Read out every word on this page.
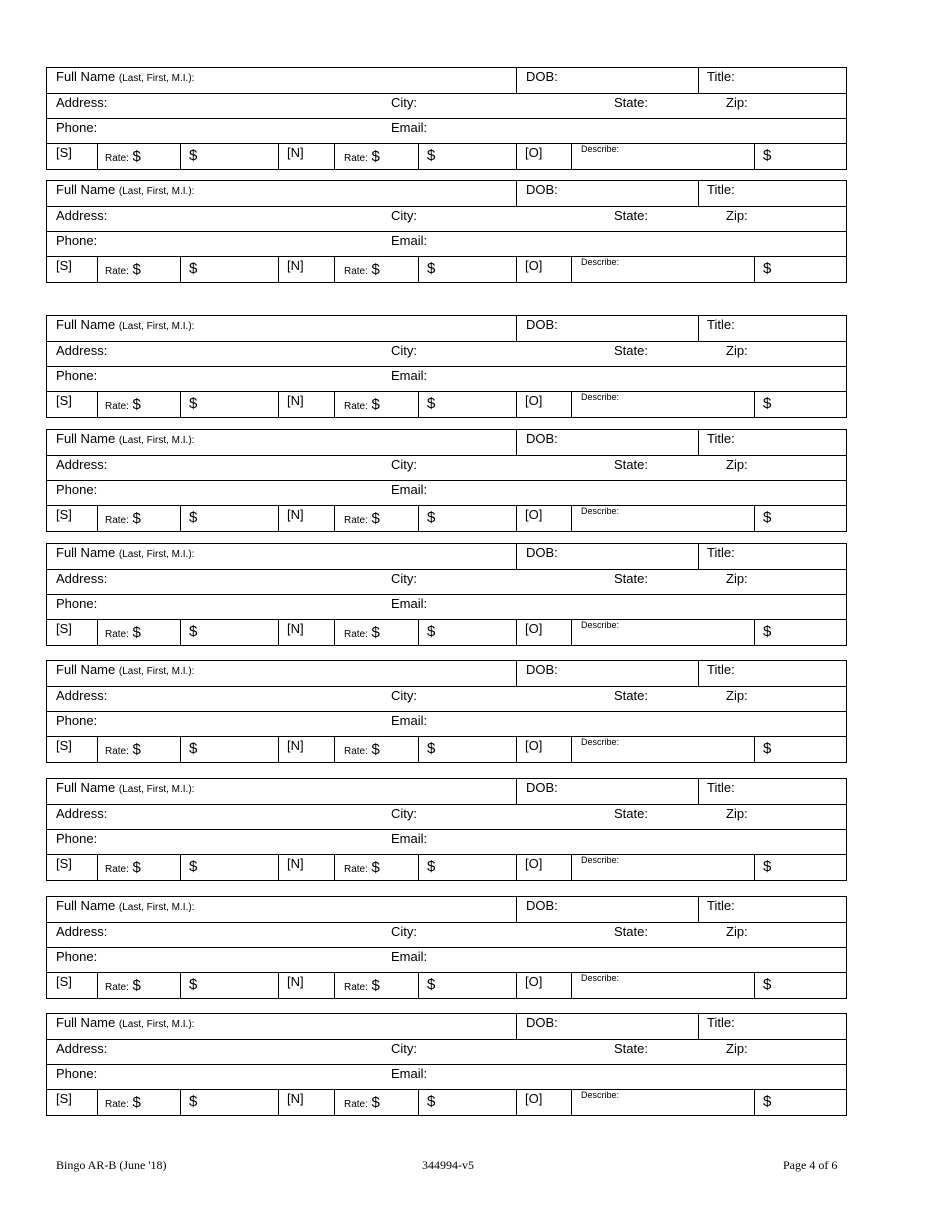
Full Name (Last, First, M.I.):	DOB:	Title:
Address:	City:	State:	Zip:
Phone:	Email:
[S]	Rate: $	$	[N]	Rate: $	$	[O]	Describe:	$
Full Name (Last, First, M.I.):	DOB:	Title:
Address:	City:	State:	Zip:
Phone:	Email:
[S]	Rate: $	$	[N]	Rate: $	$	[O]	Describe:	$
Full Name (Last, First, M.I.):	DOB:	Title:
Address:	City:	State:	Zip:
Phone:	Email:
[S]	Rate: $	$	[N]	Rate: $	$	[O]	Describe:	$
Full Name (Last, First, M.I.):	DOB:	Title:
Address:	City:	State:	Zip:
Phone:	Email:
[S]	Rate: $	$	[N]	Rate: $	$	[O]	Describe:	$
Full Name (Last, First, M.I.):	DOB:	Title:
Address:	City:	State:	Zip:
Phone:	Email:
[S]	Rate: $	$	[N]	Rate: $	$	[O]	Describe:	$
Full Name (Last, First, M.I.):	DOB:	Title:
Address:	City:	State:	Zip:
Phone:	Email:
[S]	Rate: $	$	[N]	Rate: $	$	[O]	Describe:	$
Full Name (Last, First, M.I.):	DOB:	Title:
Address:	City:	State:	Zip:
Phone:	Email:
[S]	Rate: $	$	[N]	Rate: $	$	[O]	Describe:	$
Full Name (Last, First, M.I.):	DOB:	Title:
Address:	City:	State:	Zip:
Phone:	Email:
[S]	Rate: $	$	[N]	Rate: $	$	[O]	Describe:	$
Full Name (Last, First, M.I.):	DOB:	Title:
Address:	City:	State:	Zip:
Phone:	Email:
[S]	Rate: $	$	[N]	Rate: $	$	[O]	Describe:	$
Bingo AR-B (June '18)	344994-v5	Page 4 of 6
